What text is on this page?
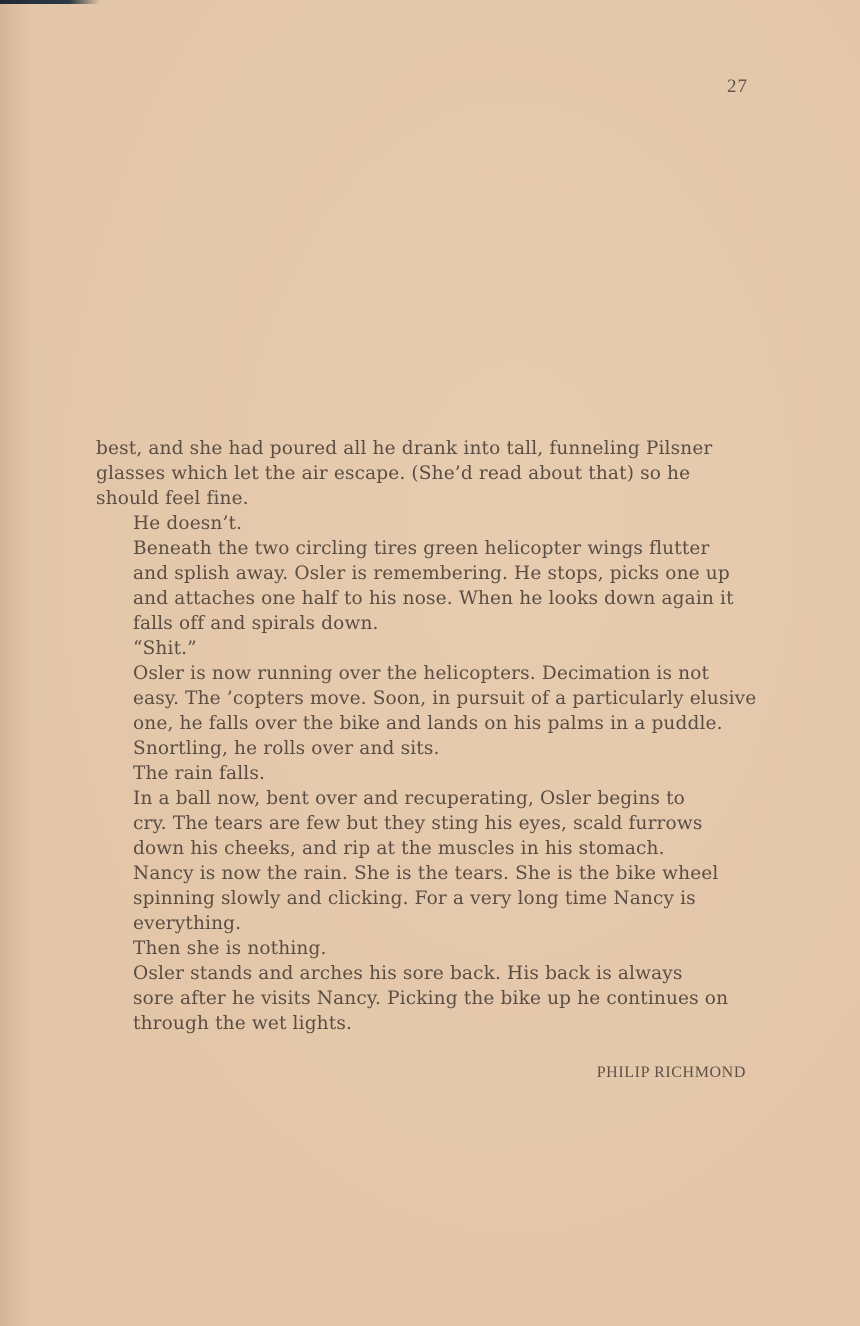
27

best, and she had poured all he drank into tall, funneling Pilsner
glasses which let the air escape. (She’d read about that) so he
should feel fine.

He doesn’t.

Beneath the two circling tires green helicopter wings flutter
and splish away. Osler is remembering. He stops, picks one up
and attaches one half to his nose. When he looks down again it
falls off and spirals down.

“Shit.”

Osler is now running over the helicopters. Decimation is not
easy. The ’copters move. Soon, in pursuit of a particularly elusive
one, he falls over the bike and lands on his palms in a puddle.
Snortling, he rolls over and sits.

The rain falls.

In a ball now, bent over and recuperating, Osler begins to
cry. The tears are few but they sting his eyes, scald furrows
down his cheeks, and rip at the muscles in his stomach.

Nancy is now the rain. She is the tears. She is the bike wheel
spinning slowly and clicking. For a very long time Nancy is
everything.

Then she is nothing.

Osler stands and arches his sore back. His back is always
sore after he visits Nancy. Picking the bike up he continues on
through the wet lights.

PHILIP RICHMOND
